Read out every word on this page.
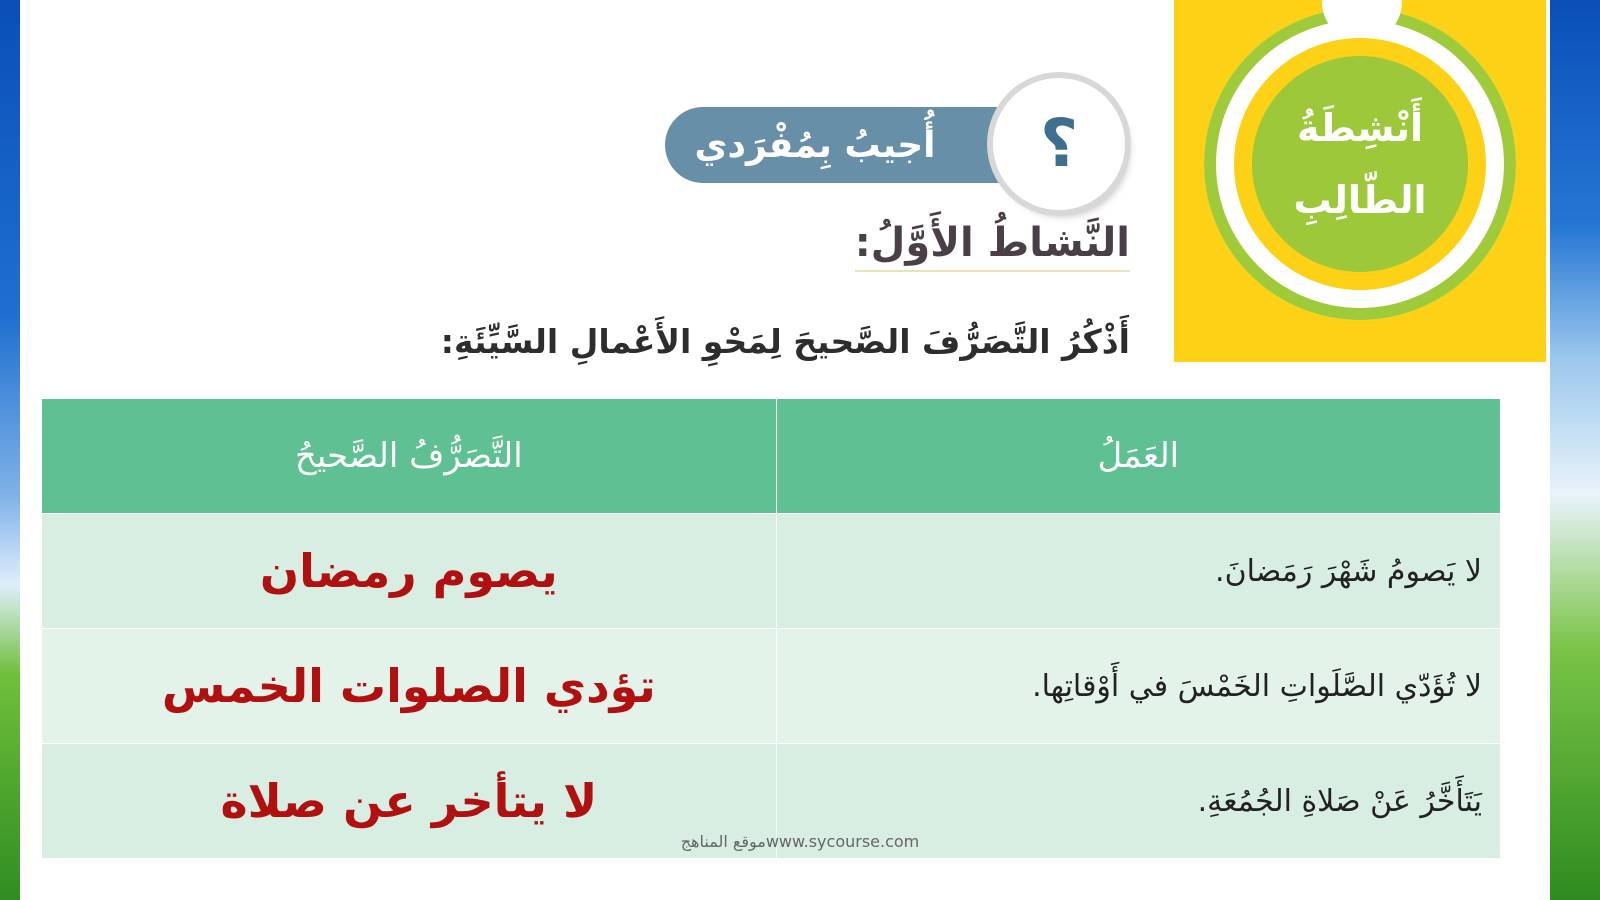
أَنْشِطَةُ
الطّالِبِ
أُجيبُ بِمُفْرَدي ؟
النَّشاطُ الأَوَّلُ:
أَذْكُرُ التَّصَرُّفَ الصَّحيحَ لِمَحْوِ الأَعْمالِ السَّيِّئَةِ:
العَمَلُ	التَّصَرُّفُ الصَّحيحُ
لا يَصومُ شَهْرَ رَمَضانَ.	يصوم رمضان
لا تُؤَدّي الصَّلَواتِ الخَمْسَ في أَوْقاتِها.	تؤدي الصلوات الخمس
يَتَأَخَّرُ عَنْ صَلاةِ الجُمُعَةِ.	لا يتأخر عن صلاة
موقع المناهجwww.sycourse.com
